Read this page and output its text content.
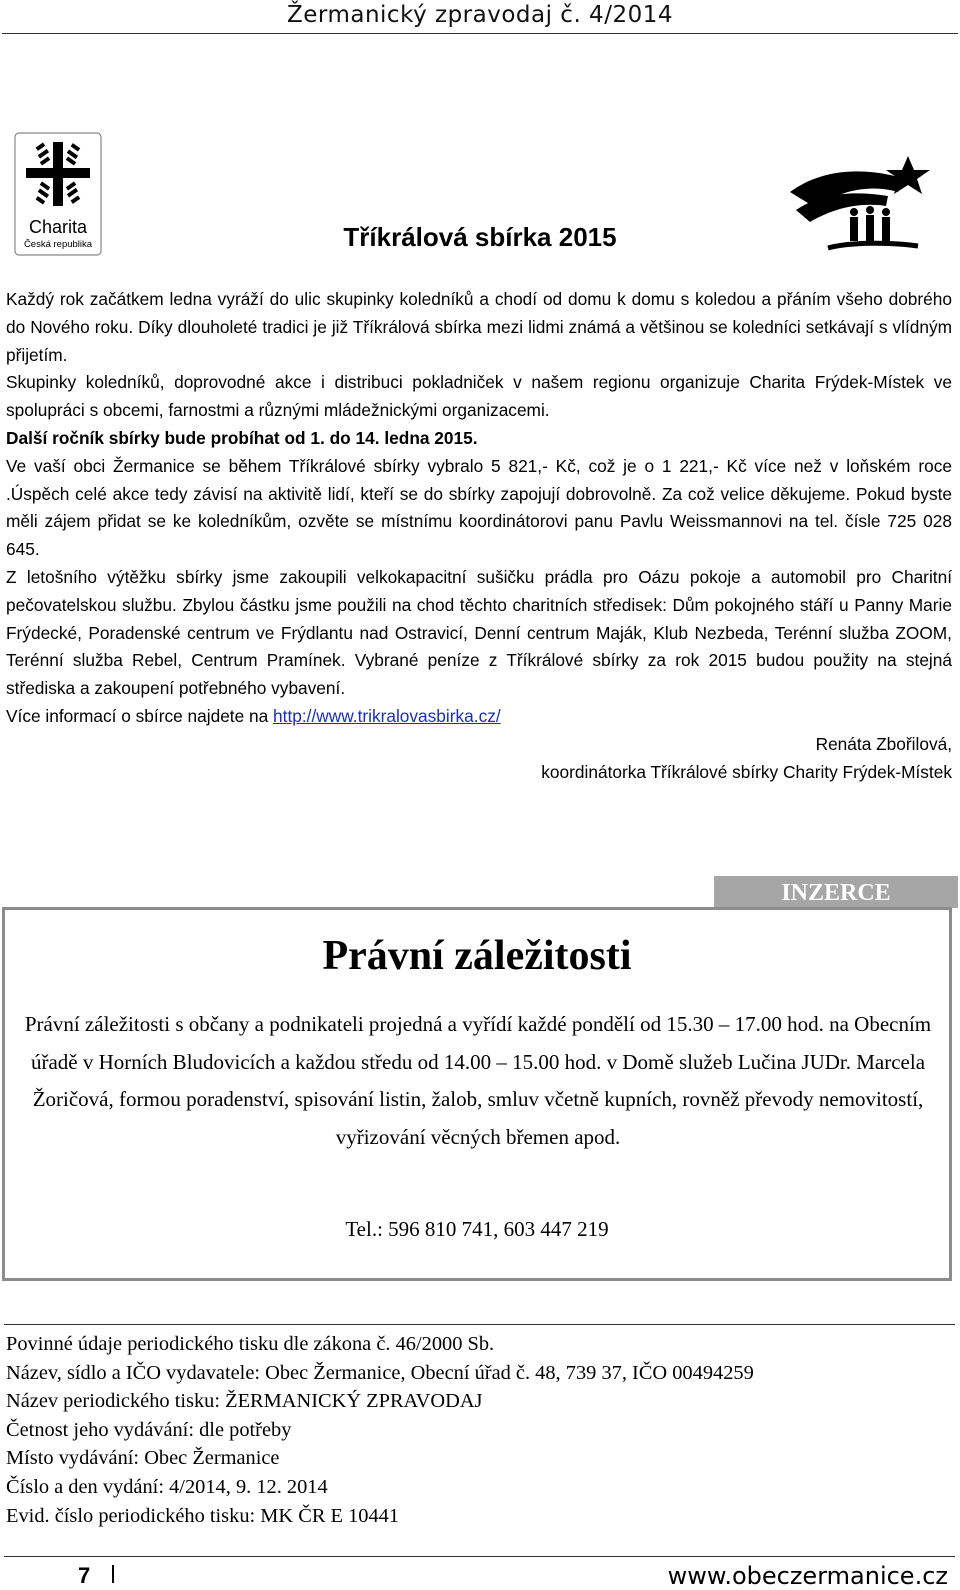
Žermanický zpravodaj č. 4/2014
Charita
Česká republika	Tříkrálová sbírka 2015

Každý rok začátkem ledna vyráží do ulic skupinky koledníků a chodí od domu k domu s koledou a přáním všeho dobrého do Nového roku. Díky dlouholeté tradici je již Tříkrálová sbírka mezi lidmi známá a většinou se koledníci setkávají s vlídným přijetím.

Skupinky koledníků, doprovodné akce i distribuci pokladniček v našem regionu organizuje Charita Frýdek-Místek ve spolupráci s obcemi, farnostmi a různými mládežnickými organizacemi.

Další ročník sbírky bude probíhat od 1. do 14. ledna 2015.

Ve vaší obci Žermanice se během Tříkrálové sbírky vybralo 5 821,- Kč, což je o 1 221,- Kč více než v loňském roce .Úspěch celé akce tedy závisí na aktivitě lidí, kteří se do sbírky zapojují dobrovolně. Za což velice děkujeme. Pokud byste měli zájem přidat se ke koledníkům, ozvěte se místnímu koordinátorovi panu Pavlu Weissmannovi na tel. čísle 725 028 645.

Z letošního výtěžku sbírky jsme zakoupili velkokapacitní sušičku prádla pro Oázu pokoje a automobil pro Charitní pečovatelskou službu. Zbylou částku jsme použili na chod těchto charitních středisek: Dům pokojného stáří u Panny Marie Frýdecké, Poradenské centrum ve Frýdlantu nad Ostravicí, Denní centrum Maják, Klub Nezbeda, Terénní služba ZOOM, Terénní služba Rebel, Centrum Pramínek. Vybrané peníze z Tříkrálové sbírky za rok 2015 budou použity na stejná střediska a zakoupení potřebného vybavení.

Více informací o sbírce najdete na http://www.trikralovasbirka.cz/

Renáta Zbořilová,

koordinátorka Tříkrálové sbírky Charity Frýdek-Místek

INZERCE
Právní záležitosti
Právní záležitosti s občany a podnikateli projedná a vyřídí každé pondělí od 15.30 – 17.00 hod. na Obecním úřadě v Horních Bludovicích a každou středu od 14.00 – 15.00 hod. v Domě služeb Lučina JUDr. Marcela Žoričová, formou poradenství, spisování listin, žalob, smluv včetně kupních, rovněž převody nemovitostí, vyřizování věcných břemen apod.
Tel.: 596 810 741, 603 447 219
Povinné údaje periodického tisku dle zákona č. 46/2000 Sb.
Název, sídlo a IČO vydavatele: Obec Žermanice, Obecní úřad č. 48, 739 37, IČO 00494259
Název periodického tisku: ŽERMANICKÝ ZPRAVODAJ
Četnost jeho vydávání: dle potřeby
Místo vydávání: Obec Žermanice
Číslo a den vydání: 4/2014, 9. 12. 2014
Evid. číslo periodického tisku: MK ČR E 10441
7	www.obeczermanice.cz
